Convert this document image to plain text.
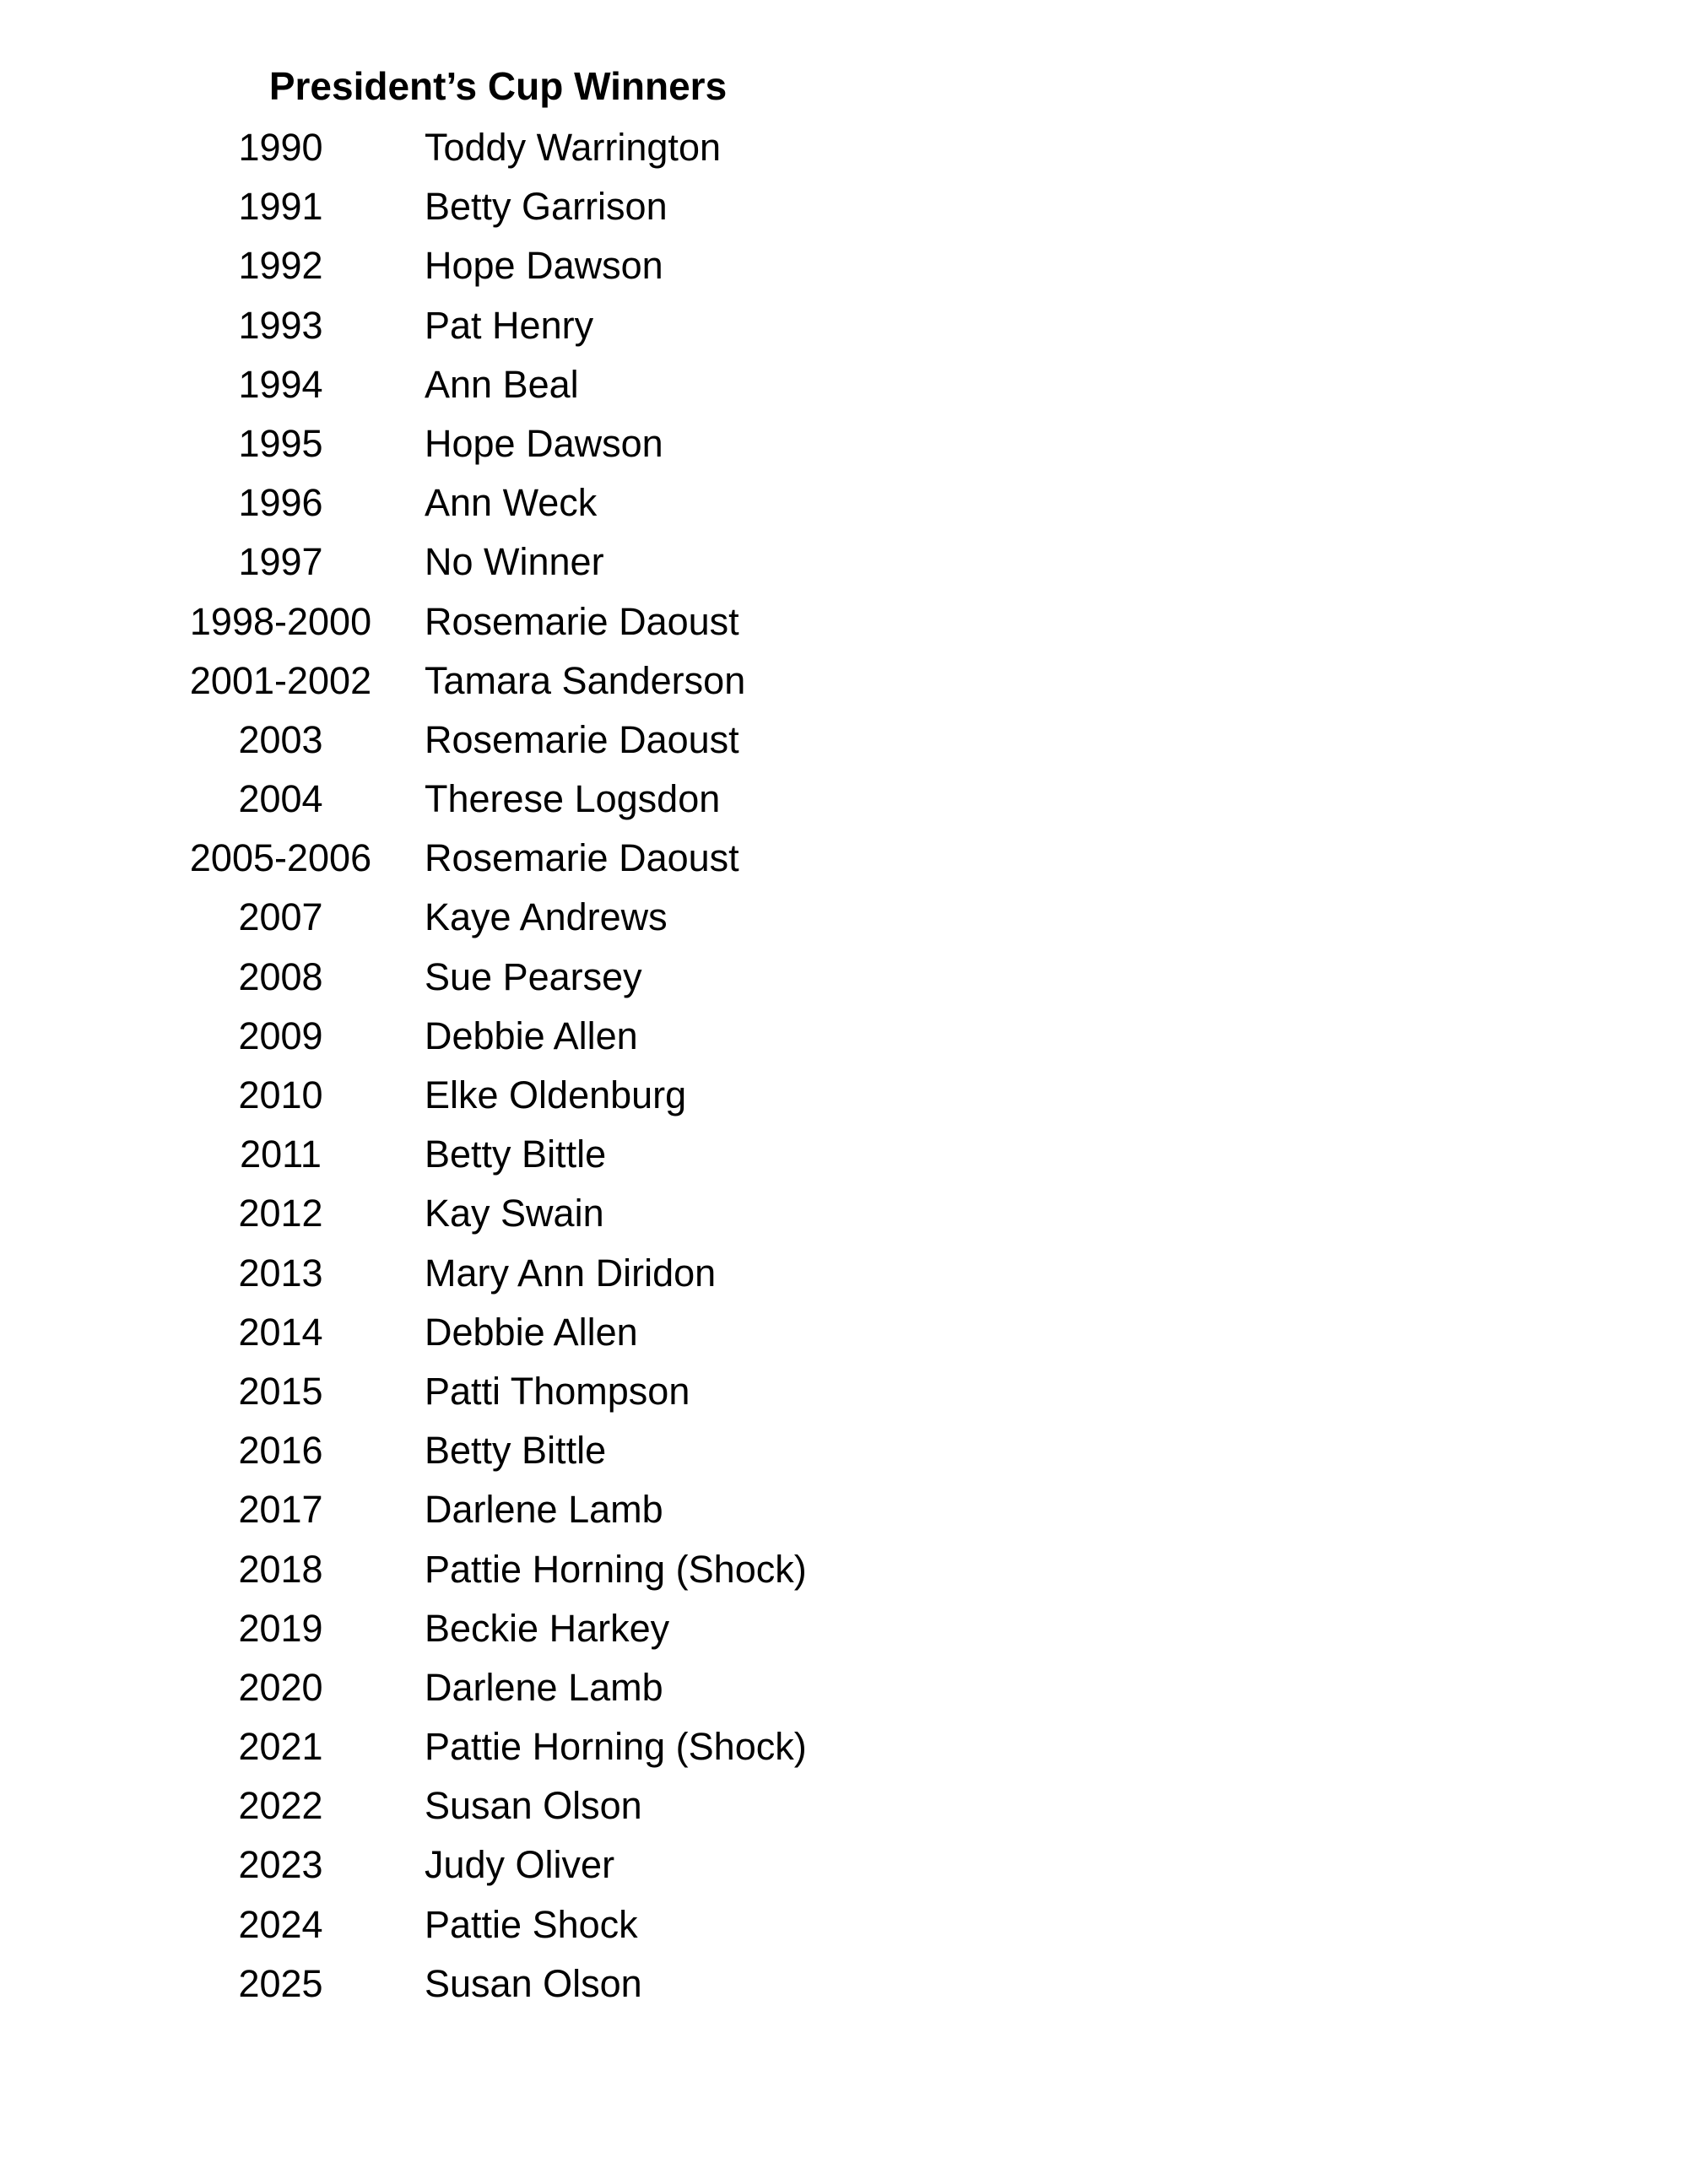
President’s Cup Winners
1990	Toddy Warrington
1991	Betty Garrison
1992	Hope Dawson
1993	Pat Henry
1994	Ann Beal
1995	Hope Dawson
1996	Ann Weck
1997	No Winner
1998-2000	Rosemarie Daoust
2001-2002	Tamara Sanderson
2003	Rosemarie Daoust
2004	Therese Logsdon
2005-2006	Rosemarie Daoust
2007	Kaye Andrews
2008	Sue Pearsey
2009	Debbie Allen
2010	Elke Oldenburg
2011	Betty Bittle
2012	Kay Swain
2013	Mary Ann Diridon
2014	Debbie Allen
2015	Patti Thompson
2016	Betty Bittle
2017	Darlene Lamb
2018	Pattie Horning (Shock)
2019	Beckie Harkey
2020	Darlene Lamb
2021	Pattie Horning (Shock)
2022	Susan Olson
2023	Judy Oliver
2024	Pattie Shock
2025	Susan Olson
